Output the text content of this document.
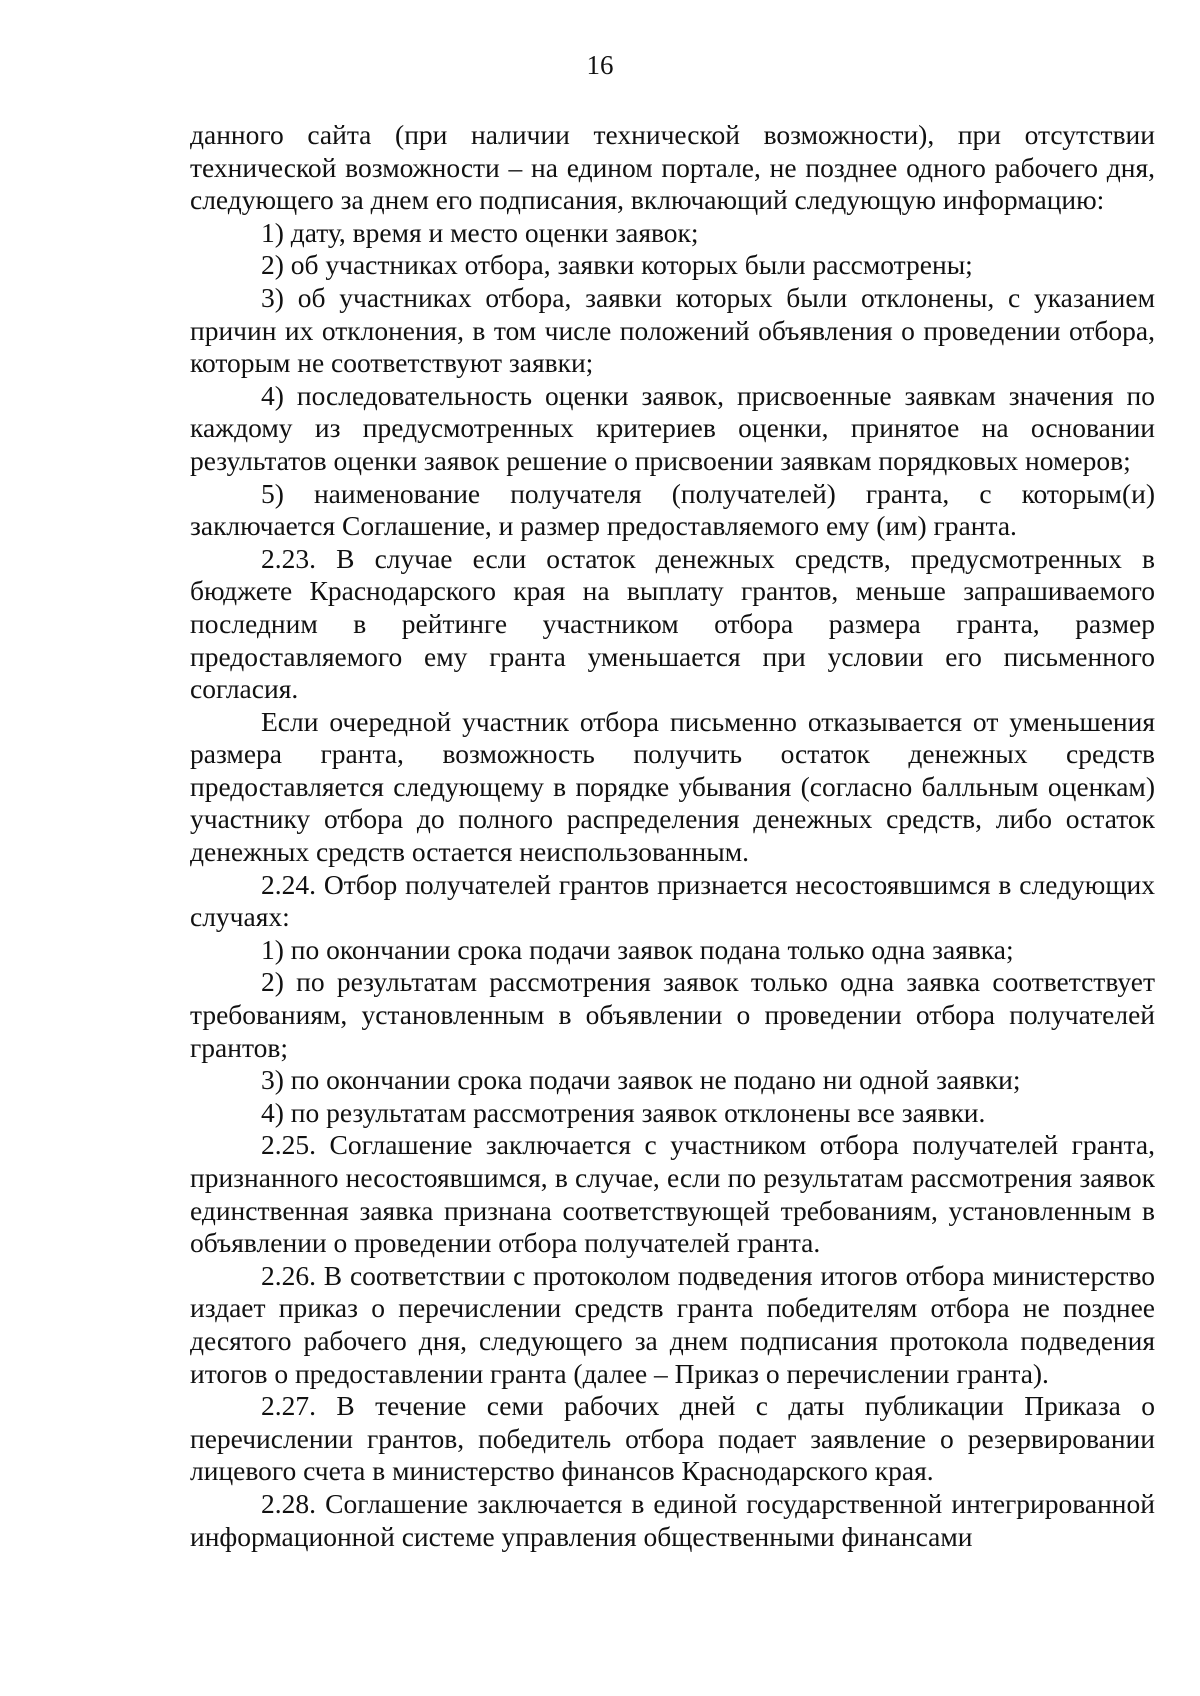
16

данного сайта (при наличии технической возможности), при отсутствии технической возможности – на едином портале, не позднее одного рабочего дня, следующего за днем его подписания, включающий следующую информацию:

1) дату, время и место оценки заявок;

2) об участниках отбора, заявки которых были рассмотрены;

3) об участниках отбора, заявки которых были отклонены, с указанием причин их отклонения, в том числе положений объявления о проведении отбора, которым не соответствуют заявки;

4) последовательность оценки заявок, присвоенные заявкам значения по каждому из предусмотренных критериев оценки, принятое на основании результатов оценки заявок решение о присвоении заявкам порядковых номеров;

5) наименование получателя (получателей) гранта, с которым(и) заключается Соглашение, и размер предоставляемого ему (им) гранта.

2.23. В случае если остаток денежных средств, предусмотренных в бюджете Краснодарского края на выплату грантов, меньше запрашиваемого последним в рейтинге участником отбора размера гранта, размер предоставляемого ему гранта уменьшается при условии его письменного согласия.

Если очередной участник отбора письменно отказывается от уменьшения размера гранта, возможность получить остаток денежных средств предоставляется следующему в порядке убывания (согласно балльным оценкам) участнику отбора до полного распределения денежных средств, либо остаток денежных средств остается неиспользованным.

2.24. Отбор получателей грантов признается несостоявшимся в следующих случаях:

1) по окончании срока подачи заявок подана только одна заявка;

2) по результатам рассмотрения заявок только одна заявка соответствует требованиям, установленным в объявлении о проведении отбора получателей грантов;

3) по окончании срока подачи заявок не подано ни одной заявки;

4) по результатам рассмотрения заявок отклонены все заявки.

2.25. Соглашение заключается с участником отбора получателей гранта, признанного несостоявшимся, в случае, если по результатам рассмотрения заявок единственная заявка признана соответствующей требованиям, установленным в объявлении о проведении отбора получателей гранта.

2.26. В соответствии с протоколом подведения итогов отбора министерство издает приказ о перечислении средств гранта победителям отбора не позднее десятого рабочего дня, следующего за днем подписания протокола подведения итогов о предоставлении гранта (далее – Приказ о перечислении гранта).

2.27. В течение семи рабочих дней с даты публикации Приказа о перечислении грантов, победитель отбора подает заявление о резервировании лицевого счета в министерство финансов Краснодарского края.

2.28. Соглашение заключается в единой государственной интегрированной информационной системе управления общественными финансами
